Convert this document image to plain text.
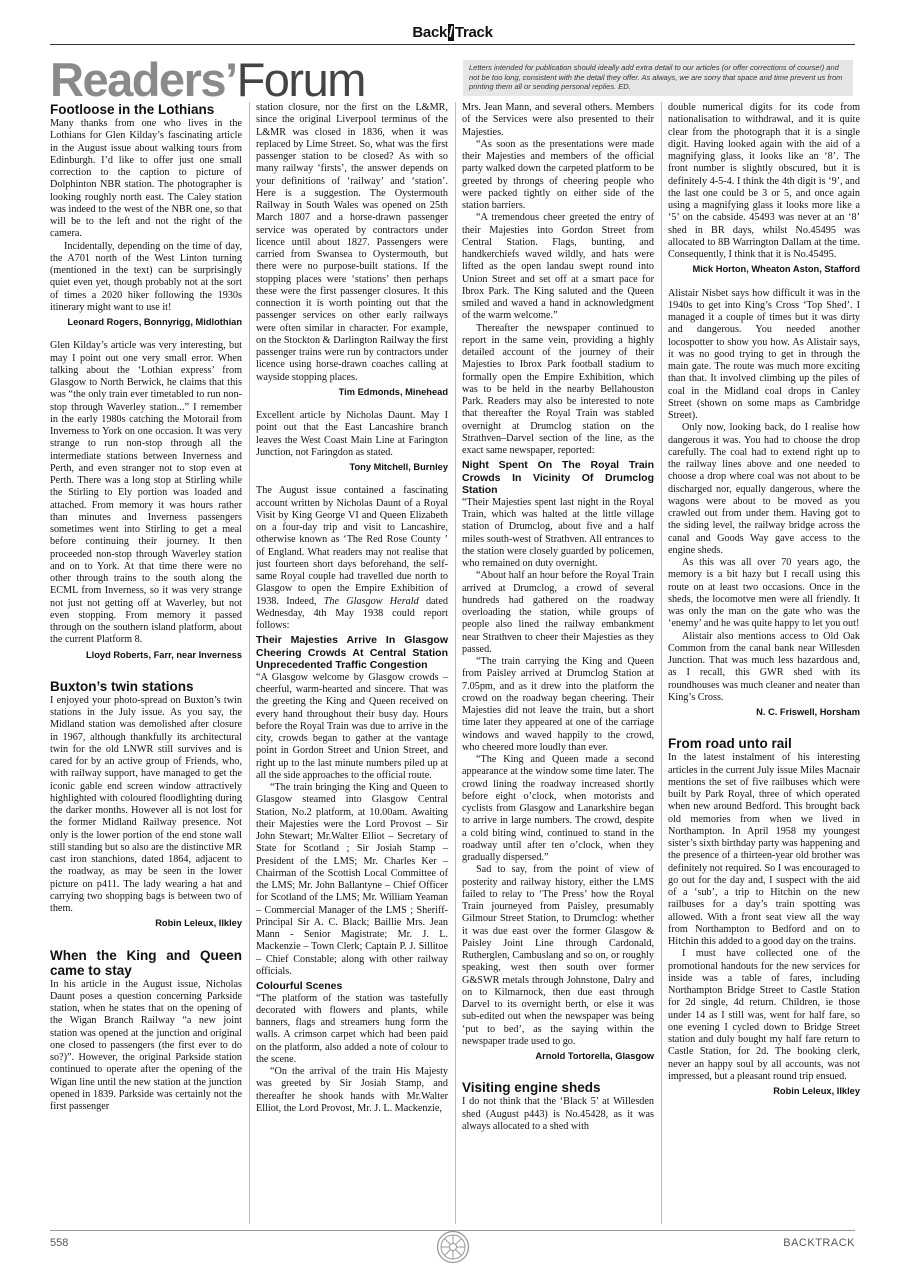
Back / Track
Readers’Forum	Letters intended for publication should ideally add extra detail to our articles (or offer corrections of course!) and not be too long, consistent with the detail they offer. As always, we are sorry that space and time prevent us from printing them all or sending personal replies. ED.
Footloose in the Lothians

Many thanks from one who lives in the Lothians for Glen Kilday’s fascinating article in the August issue about walking tours from Edinburgh. I’d like to offer just one small correction to the caption to picture of Dolphinton NBR station. The photographer is looking roughly north east. The Caley station was indeed to the west of the NBR one, so that will be to the left and not the right of the camera.

Incidentally, depending on the time of day, the A701 north of the West Linton turning (mentioned in the text) can be surprisingly quiet even yet, though probably not at the sort of times a 2020 hiker following the 1930s itinerary might want to use it!

Leonard Rogers, Bonnyrigg, Midlothian

Glen Kilday’s article was very interesting, but may I point out one very small error. When talking about the ‘Lothian express’ from Glasgow to North Berwick, he claims that this was “the only train ever timetabled to run non-stop through Waverley station...” I remember in the early 1980s catching the Motorail from Inverness to York on one occasion. It was very strange to run non-stop through all the intermediate stations between Inverness and Perth, and even stranger not to stop even at Perth. There was a long stop at Stirling while the Stirling to Ely portion was loaded and attached. From memory it was hours rather than minutes and Inverness passengers sometimes went into Stirling to get a meal before continuing their journey. It then proceeded non-stop through Waverley station and on to York. At that time there were no other through trains to the south along the ECML from Inverness, so it was very strange not just not getting off at Waverley, but not even stopping. From memory it passed through on the southern island platform, about the current Platform 8.

Lloyd Roberts, Farr, near Inverness
Buxton’s twin stations

I enjoyed your photo-spread on Buxton’s twin stations in the July issue. As you say, the Midland station was demolished after closure in 1967, although thankfully its architectural twin for the old LNWR still survives and is cared for by an active group of Friends, who, with railway support, have managed to get the iconic gable end screen window attractively highlighted with coloured floodlighting during the darker months. However all is not lost for the former Midland Railway presence. Not only is the lower portion of the end stone wall still standing but so also are the distinctive MR cast iron stanchions, dated 1864, adjacent to the roadway, as may be seen in the lower picture on p411. The lady wearing a hat and carrying two shopping bags is between two of them.

Robin Leleux, Ilkley
When the King and Queen came to stay

In his article in the August issue, Nicholas Daunt poses a question concerning Parkside station, when he states that on the opening of the Wigan Branch Railway “a new joint station was opened at the junction and original one closed to passengers (the first ever to do so?)”. However, the original Parkside station continued to operate after the opening of the Wigan line until the new station at the junction opened in 1839. Parkside was certainly not the first passenger

station closure, nor the first on the L&MR, since the original Liverpool terminus of the L&MR was closed in 1836, when it was replaced by Lime Street. So, what was the first passenger station to be closed? As with so many railway ‘firsts’, the answer depends on your definitions of ‘railway’ and ‘station’. Here is a suggestion. The Oystermouth Railway in South Wales was opened on 25th March 1807 and a horse-drawn passenger service was operated by contractors under licence until about 1827. Passengers were carried from Swansea to Oystermouth, but there were no purpose-built stations. If the stopping places were ‘stations’ then perhaps these were the first passenger closures. It this connection it is worth pointing out that the passenger services on other early railways were often similar in character. For example, on the Stockton & Darlington Railway the first passenger trains were run by contractors under licence using horse-drawn coaches calling at wayside stopping places.

Tim Edmonds, Minehead

Excellent article by Nicholas Daunt. May I point out that the East Lancashire branch leaves the West Coast Main Line at Farington Junction, not Faringdon as stated.

Tony Mitchell, Burnley

The August issue contained a fascinating account written by Nicholas Daunt of a Royal Visit by King George VI and Queen Elizabeth on a four-day trip and visit to Lancashire, otherwise known as ‘The Red Rose County ’ of England. What readers may not realise that just fourteen short days beforehand, the self-same Royal couple had travelled due north to Glasgow to open the Empire Exhibition of 1938. Indeed, The Glasgow Herald dated Wednesday, 4th May 1938 could report follows:

Their Majesties Arrive In Glasgow Cheering Crowds At Central Station Unprecedented Traffic Congestion

“A Glasgow welcome by Glasgow crowds – cheerful, warm-hearted and sincere. That was the greeting the King and Queen received on every hand throughout their busy day. Hours before the Royal Train was due to arrive in the city, crowds began to gather at the vantage point in Gordon Street and Union Street, and right up to the last minute numbers piled up at all the side approaches to the official route.

“The train bringing the King and Queen to Glasgow steamed into Glasgow Central Station, No.2 platform, at 10.00am. Awaiting their Majesties were the Lord Provost – Sir John Stewart; Mr.Walter Elliot – Secretary of State for Scotland ; Sir Josiah Stamp – President of the LMS; Mr. Charles Ker – Chairman of the Scottish Local Committee of the LMS; Mr. John Ballantyne – Chief Officer for Scotland of the LMS; Mr. William Yeaman – Commercial Manager of the LMS ; Sheriff-Principal Sir A. C. Black; Baillie Mrs. Jean Mann - Senior Magistrate; Mr. J. L. Mackenzie – Town Clerk; Captain P. J. Sillitoe – Chief Constable; along with other railway officials.

Colourful Scenes

“The platform of the station was tastefully decorated with flowers and plants, while banners, flags and streamers hung form the walls. A crimson carpet which had been paid on the platform, also added a note of colour to the scene.

“On the arrival of the train His Majesty was greeted by Sir Josiah Stamp, and thereafter he shook hands with Mr.Walter Elliot, the Lord Provost, Mr. J. L. Mackenzie,

Mrs. Jean Mann, and several others. Members of the Services were also presented to their Majesties.

“As soon as the presentations were made their Majesties and members of the official party walked down the carpeted platform to be greeted by throngs of cheering people who were packed tightly on either side of the station barriers.

“A tremendous cheer greeted the entry of their Majesties into Gordon Street from Central Station. Flags, bunting, and handkerchiefs waved wildly, and hats were lifted as the open landau swept round into Union Street and set off at a smart pace for Ibrox Park. The King saluted and the Queen smiled and waved a hand in acknowledgment of the warm welcome.”

Thereafter the newspaper continued to report in the same vein, providing a highly detailed account of the journey of their Majesties to Ibrox Park football stadium to formally open the Empire Exhibition, which was to be held in the nearby Bellahouston Park. Readers may also be interested to note that thereafter the Royal Train was stabled overnight at Drumclog station on the Strathven–Darvel section of the line, as the exact same newspaper, reported:

Night Spent On The Royal Train Crowds In Vicinity Of Drumclog Station

“Their Majesties spent last night in the Royal Train, which was halted at the little village station of Drumclog, about five and a half miles south-west of Strathven. All entrances to the station were closely guarded by policemen, who remained on duty overnight.

“About half an hour before the Royal Train arrived at Drumclog, a crowd of several hundreds had gathered on the roadway overloading the station, while groups of people also lined the railway embankment near Strathven to cheer their Majesties as they passed.

“The train carrying the King and Queen from Paisley arrived at Drumclog Station at 7.05pm, and as it drew into the platform the crowd on the roadway began cheering. Their Majesties did not leave the train, but a short time later they appeared at one of the carriage windows and waved happily to the crowd, who cheered more loudly than ever.

“The King and Queen made a second appearance at the window some time later. The crowd lining the roadway increased shortly before eight o’clock, when motorists and cyclists from Glasgow and Lanarkshire began to arrive in large numbers. The crowd, despite a cold biting wind, continued to stand in the roadway until after ten o’clock, when they gradually dispersed.”

Sad to say, from the point of view of posterity and railway history, either the LMS failed to relay to ‘The Press’ how the Royal Train journeyed from Paisley, presumably Gilmour Street Station, to Drumclog: whether it was due east over the former Glasgow & Paisley Joint Line through Cardonald, Rutherglen, Cambuslang and so on, or roughly speaking, west then south over former G&SWR metals through Johnstone, Dalry and on to Kilmarnock, then due east through Darvel to its overnight berth, or else it was sub-edited out when the newspaper was being ‘put to bed’, as the saying within the newspaper trade used to go.

Arnold Tortorella, Glasgow
Visiting engine sheds

I do not think that the ‘Black 5’ at Willesden shed (August p443) is No.45428, as it was always allocated to a shed with

double numerical digits for its code from nationalisation to withdrawal, and it is quite clear from the photograph that it is a single digit. Having looked again with the aid of a magnifying glass, it looks like an ‘8’. The front number is slightly obscured, but it is definitely 4-5-4. I think the 4th digit is ‘9’, and the last one could be 3 or 5, and once again using a magnifying glass it looks more like a ‘5’ on the cabside. 45493 was never at an ‘8’ shed in BR days, whilst No.45495 was allocated to 8B Warrington Dallam at the time. Consequently, I think that it is No.45495.

Mick Horton, Wheaton Aston, Stafford

Alistair Nisbet says how difficult it was in the 1940s to get into King’s Cross ‘Top Shed’. I managed it a couple of times but it was dirty and dangerous. You needed another locospotter to show you how. As Alistair says, it was no good trying to get in through the main gate. The route was much more exciting than that. It involved climbing up the piles of coal in the Midland coal drops in Canley Street (shown on some maps as Cambridge Street).

Only now, looking back, do I realise how dangerous it was. You had to choose the drop carefully. The coal had to extend right up to the railway lines above and one needed to choose a drop where coal was not about to be discharged nor, equally dangerous, where the wagons were about to be moved as you crawled out from under them. Having got to the siding level, the railway bridge across the canal and Goods Way gave access to the engine sheds.

As this was all over 70 years ago, the memory is a bit hazy but I recall using this route on at least two occasions. Once in the sheds, the locomotve men were all friendly. It was only the man on the gate who was the ‘enemy’ and he was quite happy to let you out!

Alistair also mentions access to Old Oak Common from the canal bank near Willesden Junction. That was much less hazardous and, as I recall, this GWR shed with its roundhouses was much cleaner and neater than King’s Cross.

N. C. Friswell, Horsham
From road unto rail

In the latest instalment of his interesting articles in the current July issue Miles Macnair mentions the set of five railbuses which were built by Park Royal, three of which operated when new around Bedford. This brought back old memories from when we lived in Northampton. In April 1958 my youngest sister’s sixth birthday party was happening and the presence of a thirteen-year old brother was definitely not required. So I was encouraged to go out for the day and, I suspect with the aid of a ‘sub’, a trip to Hitchin on the new railbuses for a day’s train spotting was allowed. With a front seat view all the way from Northampton to Bedford and on to Hitchin this added to a good day on the trains.

I must have collected one of the promotional handouts for the new services for inside was a table of fares, including Northampton Bridge Street to Castle Station for 2d single, 4d return. Children, ie those under 14 as I still was, went for half fare, so one evening I cycled down to Bridge Street station and duly bought my half fare return to Castle Station, for 2d. The booking clerk, never an happy soul by all accounts, was not impressed, but a pleasant round trip ensued.

Robin Leleux, Ilkley
558	BACKTRACK
